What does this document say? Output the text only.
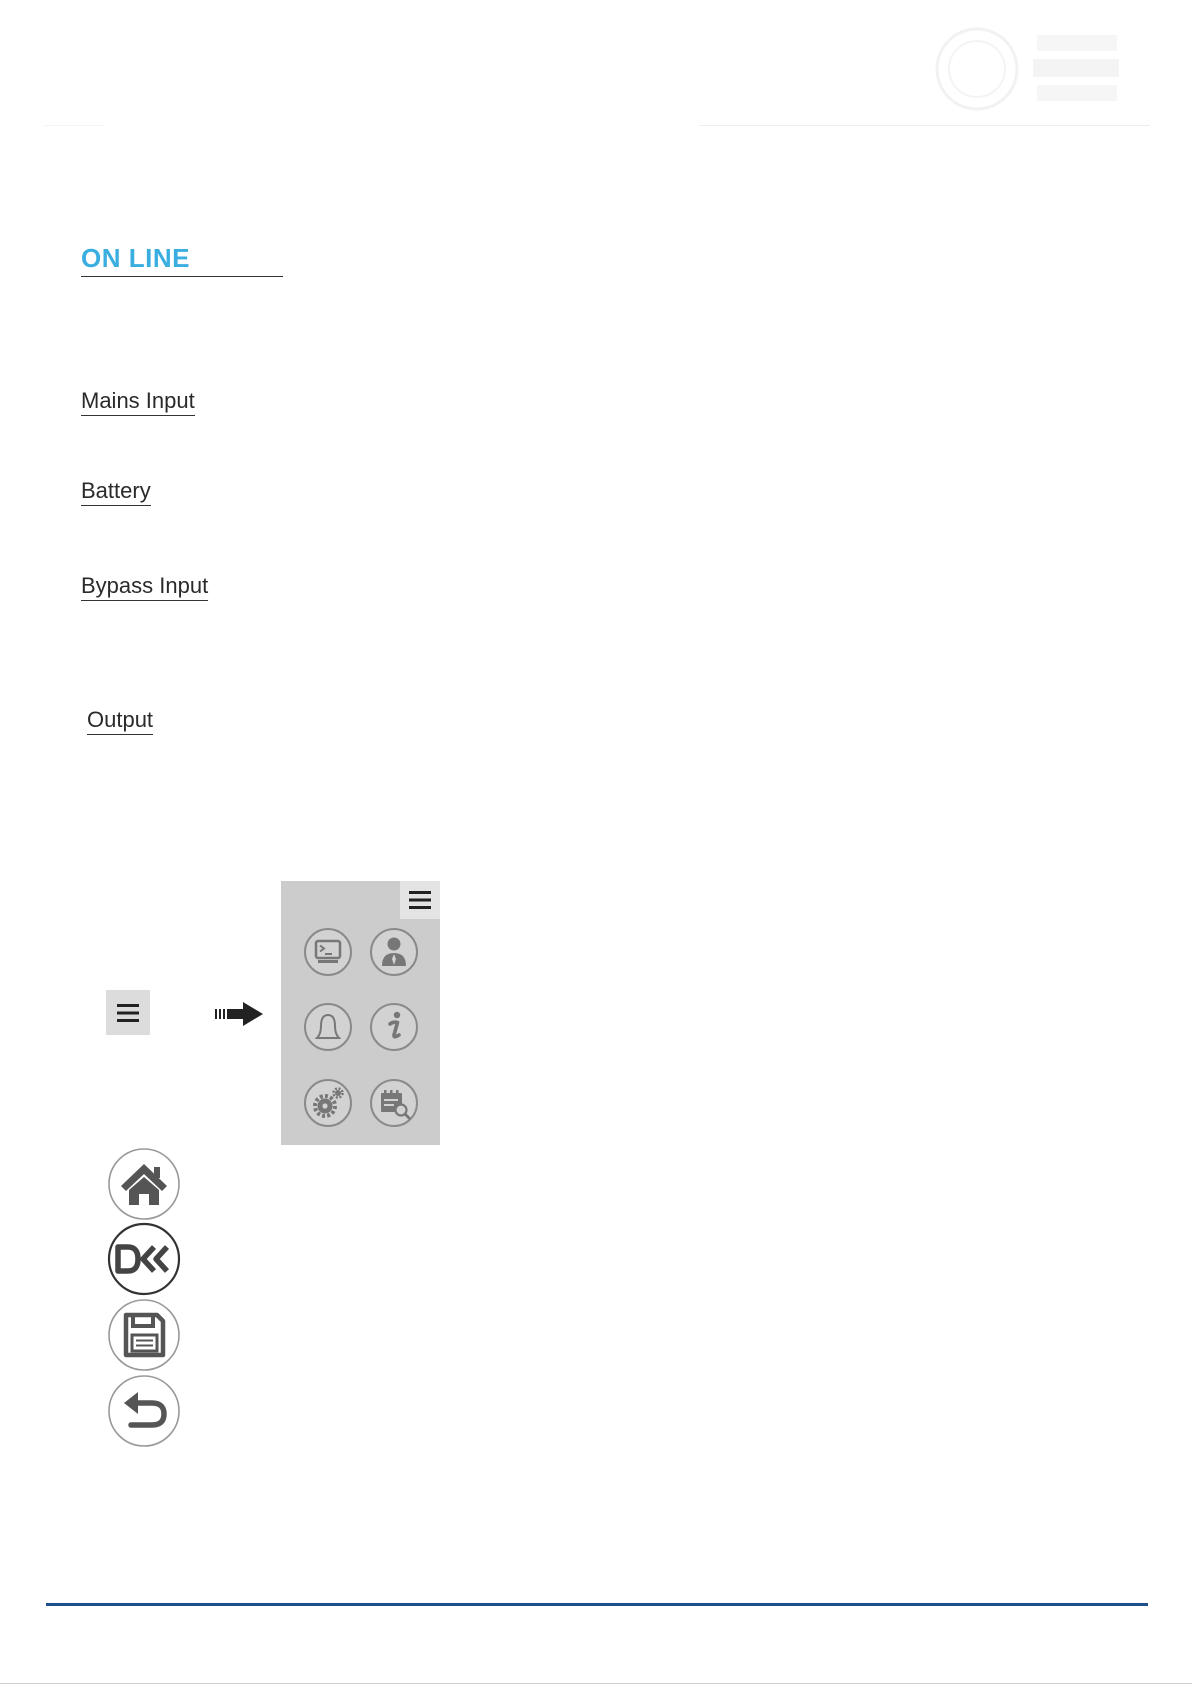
ON LINE
Mains Input
Battery
Bypass Input
Output
